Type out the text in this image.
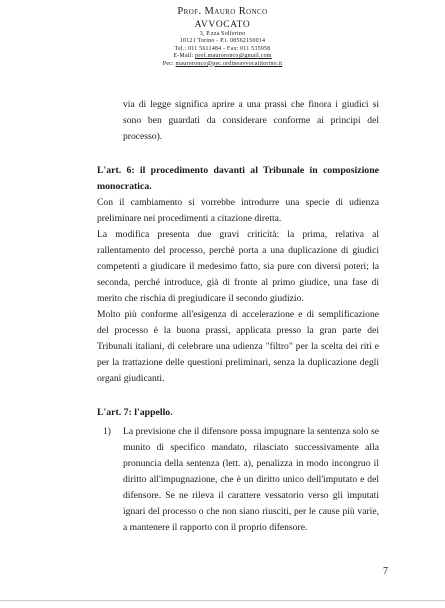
Prof. Mauro Ronco
AVVOCATO
3, P.zza Solferino
10121 Torino - P.i. 08562150014
Tel.: 011 5611484 - Fax: 011 535958
E-Mail: prof.mauroronco@gmail.com
Pec: mauroronco@pec.ordineavvocatitorino.it
via di legge significa aprire a una prassi che finora i giudici si sono ben guardati da considerare conforme ai principi del processo).
L'art. 6: il procedimento davanti al Tribunale in composizione monocratica.
Con il cambiamento si vorrebbe introdurre una specie di udienza preliminare nei procedimenti a citazione diretta.
La modifica presenta due gravi criticità: la prima, relativa al rallentamento del processo, perché porta a una duplicazione di giudici competenti a giudicare il medesimo fatto, sia pure con diversi poteri; la seconda, perché introduce, già di fronte al primo giudice, una fase di merito che rischia di pregiudicare il secondo giudizio.
Molto più conforme all'esigenza di accelerazione e di semplificazione del processo è la buona prassi, applicata presso la gran parte dei Tribunali italiani, di celebrare una udienza "filtro" per la scelta dei riti e per la trattazione delle questioni preliminari, senza la duplicazione degli organi giudicanti.
L'art. 7: l'appello.
1) La previsione che il difensore possa impugnare la sentenza solo se munito di specifico mandato, rilasciato successivamente alla pronuncia della sentenza (lett. a), penalizza in modo incongruo il diritto all'impugnazione, che è un diritto unico dell'imputato e del difensore. Se ne rileva il carattere vessatorio verso gli imputati ignari del processo o che non siano riusciti, per le cause più varie, a mantenere il rapporto con il proprio difensore.
7
